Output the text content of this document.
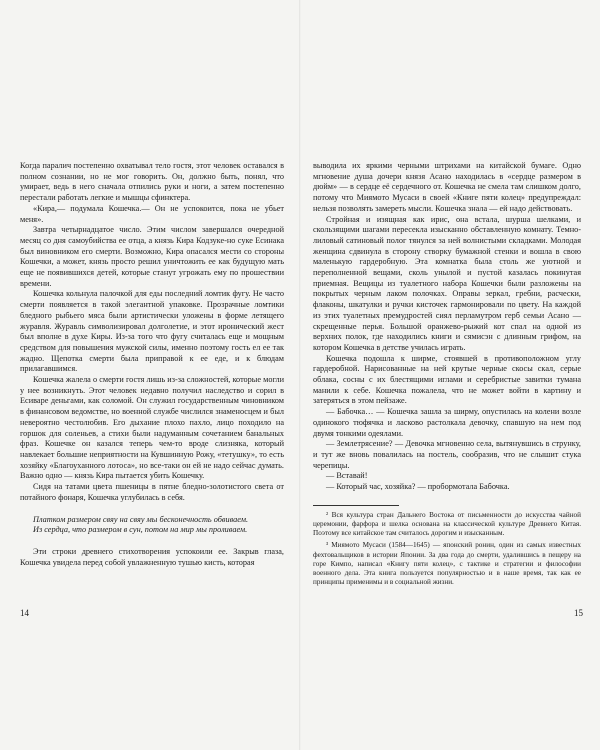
Когда паралич постепенно охватывал тело гостя, этот человек оставался в полном сознании, но не мог говорить. Он, должно быть, понял, что умирает, ведь в него сначала отпились руки и ноги, а затем постепенно перестали работать легкие и мышцы сфинктера.

«Кира,— подумала Кошечка.— Он не успокоится, пока не убьет меня».

Завтра четырнадцатое число. Этим числом завершался очередной месяц со дня самоубийства ее отца, а князь Кира Кодзуке-но суке Есинака был виновником его смерти. Возможно, Кира опасался мести со стороны Кошечки, а может, князь просто решил уничтожить ее как будущую мать еще не появившихся детей, которые станут угрожать ему по прошествии времени.

Кошечка кольнула палочкой для еды последний ломтик фугу. Не часто смерти появляется в такой элегантной упаковке. Прозрачные ломтики бледного рыбьего мяса были артистически уложены в форме летящего журавля. Журавль символизировал долголетие, и этот иронический жест был вполне в духе Киры. Из-за того что фугу считалась еще и мощным средством для повышения мужской силы, именно поэтому гость ел ее так жадно. Щепотка смерти была приправой к ее еде, и к блюдам прилагавшимся.

Кошечка жалела о смерти гостя лишь из-за сложностей, которые могли у нее возникнуть. Этот человек недавно получил наследство и сорил в Есиваре деньгами, как соломой. Он служил государственным чиновником в финансовом ведомстве, но военной службе числился знаменосцем и был невероятно честолюбив. Его дыхание плохо пахло, лицо походило на горшок для соленьев, а стихи были надуманным сочетанием банальных фраз. Кошечке он казался теперь чем-то вроде слизняка, который навлекает большие неприятности на Кувшинную Рожу, «тетушку», то есть хозяйку «Благоуханного лотоса», но все-таки он ей не надо сейчас думать. Важно одно — князь Кира пытается убить Кошечку.

Сидя на татами цвета пшеницы в пятне бледно-золотистого света от потайного фонаря, Кошечка углубилась в себя.

Платком размером свяу на свяу мы бесконечность обвиваем.
Из сердца, что размером в сун, потом на мир мы проливаем.

Эти строки древнего стихотворения успокоили ее. Закрыв глаза, Кошечка увидела перед собой увлажненную тушью кисть, которая

14

выводила их яркими черными штрихами на китайской бумаге. Одно мгновение душа дочери князя Асано находилась в «сердце размером в дюйм» — в сердце её сердечного от. Кошечка не смела там слишком долго, потому что Миямото Мусаси в своей «Книге пяти колец» предупреждал: нельзя позволять замереть мысли. Кошечка знала — ей надо действовать.

Стройная и изящная как ирис, она встала, шурша шелками, и скользящими шагами пересекла изысканно обставленную комнату. Темно-лиловый сатиновый полог тянулся за ней волнистыми складками. Молодая женщина сдвинула в сторону створку бумажной стенки и вошла в свою маленькую гардеробную. Эта комнатка была столь же уютной и переполненной вещами, сколь унылой и пустой казалась покинутая приемная. Вещицы из туалетного набора Кошечки были разложены на покрытых черным лаком полочках. Оправы зеркал, гребни, расчески, флаконы, шкатулки и ручки кисточек гармонировали по цвету. На каждой из этих туалетных премудростей сиял перламутром герб семьи Асано — скрещенные перья. Большой оранжево-рыжий кот спал на одной из верхних полок, где находились книги и сямисэн с длинным грифом, на котором Кошечка в детстве училась играть.

Кошечка подошла к ширме, стоявшей в противоположном углу гардеробной. Нарисованные на ней крутые черные скосы скал, серые облака, сосны с их блестящими иглами и серебристые завитки тумана манили к себе. Кошечка пожалела, что не может войти в картину и затеряться в этом пейзаже.

— Бабочка… — Кошечка зашла за ширму, опустилась на колени возле одинокого тюфячка и ласково растолкала девочку, спавшую на нем под двумя тонкими одеялами.

— Землетрясение? — Девочка мгновенно села, вытянувшись в струнку, и тут же вновь повалилась на постель, сообразив, что не слышит стука черепицы.

— Вставай!

— Который час, хозяйка? — пробормотала Бабочка.

² Вся культура стран Дальнего Востока от письменности до искусства чайной церемонии, фарфора и шелка основана на классической культуре Древнего Китая. Поэтому все китайское там считалось дорогим и изысканным.

³ Миямото Мусаси (1584—1645) — японский ронин, один из самых известных фехтовальщиков в истории Японии. За два года до смерти, удалившись в пещеру на горе Кимпо, написал «Книгу пяти колец», с тактике и стратегии и философии военного дела. Эта книга пользуется популярностью и в наше время, так как ее принципы применимы и в социальной жизни.

15
